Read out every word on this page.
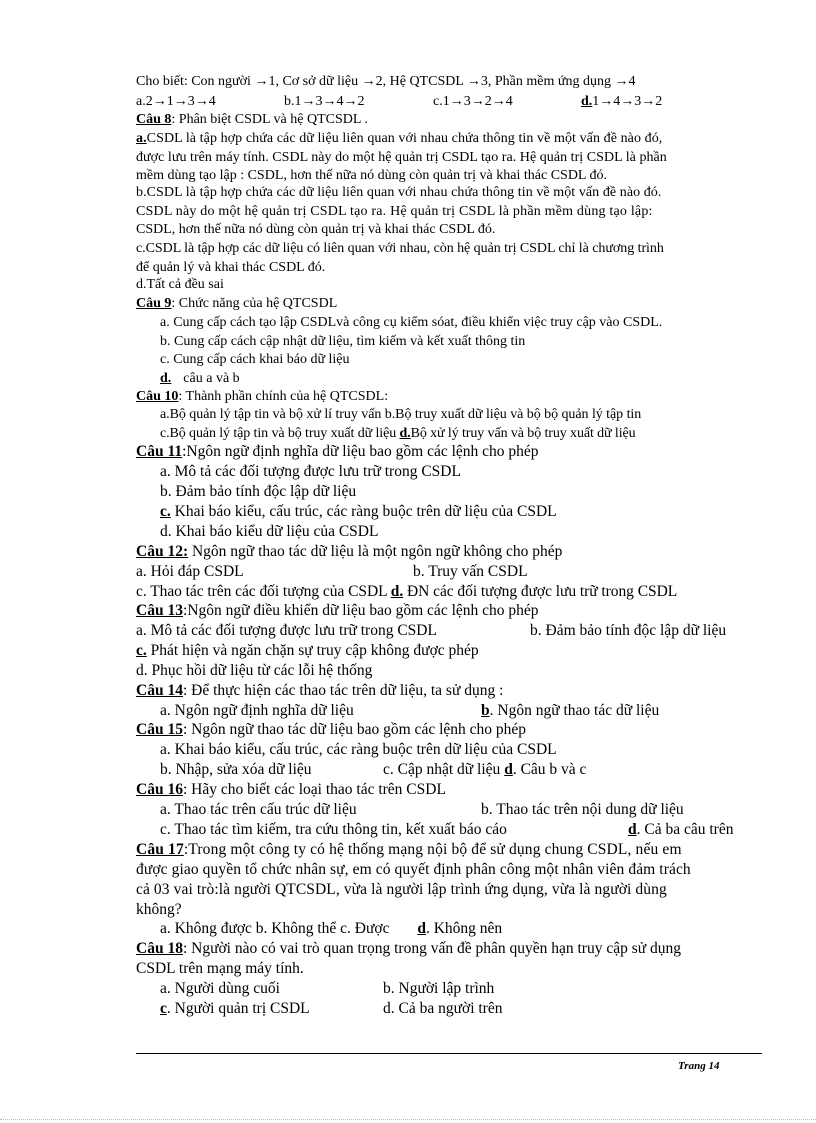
Cho biết: Con người →1, Cơ sở dữ liệu →2, Hệ QTCSDL →3, Phần mềm ứng dụng →4
a.2→1→3→4	b.1→3→4→2	c.1→3→2→4	d.1→4→3→2
Câu 8: Phân biệt CSDL và hệ QTCSDL .
a.CSDL là tập hợp chứa các dữ liệu liên quan với nhau chứa thông tin về một vấn đề nào đó,
được lưu trên máy tính. CSDL này do một hệ quản trị CSDL tạo ra. Hệ quản trị CSDL là phần
mềm dùng tạo lập : CSDL, hơn thế nữa nó dùng còn quản trị và khai thác CSDL đó.
b.CSDL là tập hợp chứa các dữ liệu liên quan với nhau chứa thông tin về một vấn đề nào đó.
CSDL này do một hệ quản trị CSDL tạo ra. Hệ quản trị CSDL là phần mềm dùng tạo lập:
CSDL, hơn thế nữa nó dùng còn quản trị và khai thác CSDL đó.
c.CSDL là tập hợp các dữ liệu có liên quan với nhau, còn hệ quản trị CSDL chỉ là chương trình
để quản lý và khai thác CSDL đó.
d.Tất cả đều sai
Câu 9: Chức năng của hệ QTCSDL
a. Cung cấp cách tạo lập CSDLvà công cụ kiểm sóat, điều khiển việc truy cập vào CSDL.
b. Cung cấp cách cập nhật dữ liệu, tìm kiếm và kết xuất thông tin
c. Cung cấp cách khai báo dữ liệu
d. câu a và b
Câu 10: Thành phần chính của hệ QTCSDL:
a.Bộ quản lý tập tin và bộ xử lí truy vấn b.Bộ truy xuất dữ liệu và bộ bộ quản lý tập tin
c.Bộ quản lý tập tin và bộ truy xuất dữ liệu d.Bộ xử lý truy vấn và bộ truy xuất dữ liệu
Câu 11:Ngôn ngữ định nghĩa dữ liệu bao gồm các lệnh cho phép
a. Mô tả các đối tượng được lưu trữ trong CSDL
b. Đảm bảo tính độc lập dữ liệu
c. Khai báo kiểu, cấu trúc, các ràng buộc trên dữ liệu của CSDL
d. Khai báo kiểu dữ liệu của CSDL
Câu 12: Ngôn ngữ thao tác dữ liệu là một ngôn ngữ không cho phép
a. Hỏi đáp CSDL	b. Truy vấn CSDL
c. Thao tác trên các đối tượng của CSDL d. ĐN các đối tượng được lưu trữ trong CSDL
Câu 13:Ngôn ngữ điều khiển dữ liệu bao gồm các lệnh cho phép
a. Mô tả các đối tượng được lưu trữ trong CSDL	b. Đảm bảo tính độc lập dữ liệu
c. Phát hiện và ngăn chặn sự truy cập không được phép
d. Phục hồi dữ liệu từ các lỗi hệ thống
Câu 14: Để thực hiện các thao tác trên dữ liệu, ta sử dụng :
a. Ngôn ngữ định nghĩa dữ liệu	b. Ngôn ngữ thao tác dữ liệu
Câu 15: Ngôn ngữ thao tác dữ liệu bao gồm các lệnh cho phép
a. Khai báo kiểu, cấu trúc, các ràng buộc trên dữ liệu của CSDL
b. Nhập, sửa xóa dữ liệu	c. Cập nhật dữ liệu d. Câu b và c
Câu 16: Hãy cho biết các loại thao tác trên CSDL
a. Thao tác trên cấu trúc dữ liệu	b. Thao tác trên nội dung dữ liệu
c. Thao tác tìm kiếm, tra cứu thông tin, kết xuất báo cáo	d. Cả ba câu trên
Câu 17:Trong một công ty có hệ thống mạng nội bộ để sử dụng chung CSDL, nếu em
được giao quyền tổ chức nhân sự, em có quyết định phân công một nhân viên đảm trách
cả 03 vai trò:là người QTCSDL, vừa là người lập trình ứng dụng, vừa là người dùng
không?
a. Không được b. Không thể c. Được d. Không nên
Câu 18: Người nào có vai trò quan trọng trong vấn đề phân quyền hạn truy cập sử dụng
CSDL trên mạng máy tính.
a. Người dùng cuối	b. Người lập trình
c. Người quản trị CSDL	d. Cả ba người trên
Trang 14
